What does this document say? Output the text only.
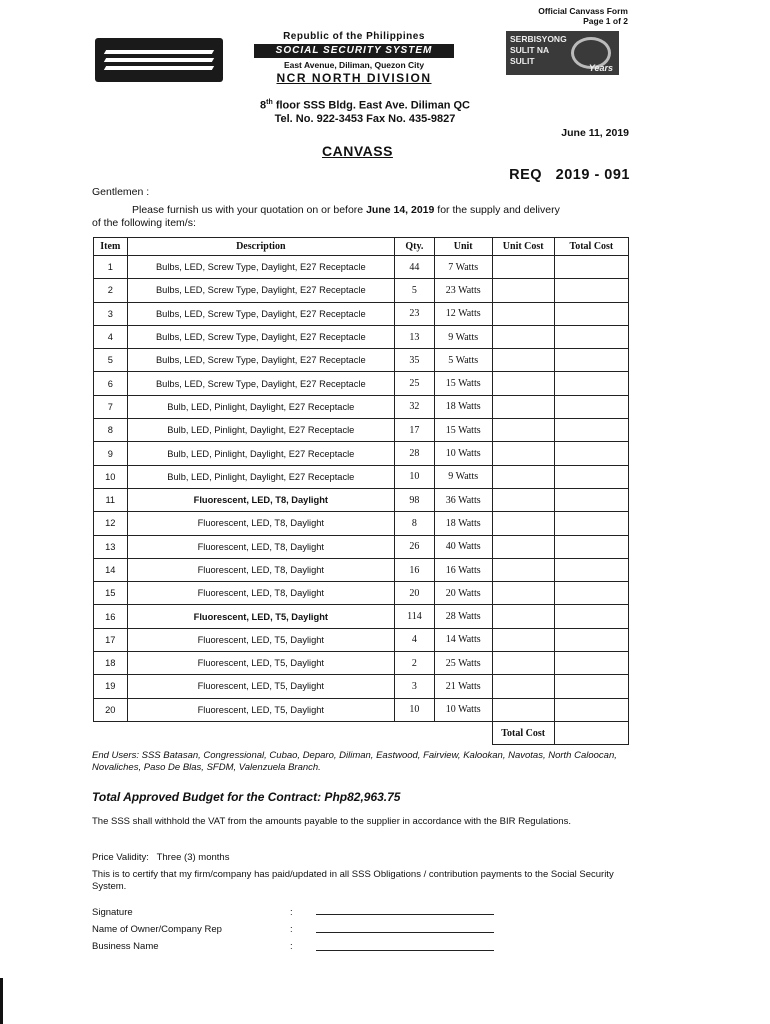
Official Canvass Form
Page 1 of 2
Republic of the Philippines
SOCIAL SECURITY SYSTEM
East Avenue, Diliman, Quezon City
NCR NORTH DIVISION
SERBISYONG
SULIT NA
SULIT
Years
8th floor SSS Bldg. East Ave. Diliman QC
Tel. No. 922-3453 Fax No. 435-9827
June 11, 2019
CANVASS
REQ   2019 - 091
Gentlemen :
Please furnish us with your quotation on or before June 14, 2019 for the supply and delivery
of the following item/s:
Item	Description	Qty.	Unit	Unit Cost	Total Cost
1	Bulbs, LED, Screw Type, Daylight, E27 Receptacle	44	7 Watts		
2	Bulbs, LED, Screw Type, Daylight, E27 Receptacle	5	23 Watts		
3	Bulbs, LED, Screw Type, Daylight, E27 Receptacle	23	12 Watts		
4	Bulbs, LED, Screw Type, Daylight, E27 Receptacle	13	9 Watts		
5	Bulbs, LED, Screw Type, Daylight, E27 Receptacle	35	5 Watts		
6	Bulbs, LED, Screw Type, Daylight, E27 Receptacle	25	15 Watts		
7	Bulb, LED, Pinlight, Daylight, E27 Receptacle	32	18 Watts		
8	Bulb, LED, Pinlight, Daylight, E27 Receptacle	17	15 Watts		
9	Bulb, LED, Pinlight, Daylight, E27 Receptacle	28	10 Watts		
10	Bulb, LED, Pinlight, Daylight, E27 Receptacle	10	9 Watts		
11	Fluorescent, LED, T8, Daylight	98	36 Watts		
12	Fluorescent, LED, T8, Daylight	8	18 Watts		
13	Fluorescent, LED, T8, Daylight	26	40 Watts		
14	Fluorescent, LED, T8, Daylight	16	16 Watts		
15	Fluorescent, LED, T8, Daylight	20	20 Watts		
16	Fluorescent, LED, T5, Daylight	114	28 Watts		
17	Fluorescent, LED, T5, Daylight	4	14 Watts		
18	Fluorescent, LED, T5, Daylight	2	25 Watts		
19	Fluorescent, LED, T5, Daylight	3	21 Watts		
20	Fluorescent, LED, T5, Daylight	10	10 Watts		
				Total Cost	
End Users: SSS Batasan, Congressional, Cubao, Deparo, Diliman, Eastwood, Fairview, Kalookan, Navotas, North Caloocan, Novaliches, Paso De Blas, SFDM, Valenzuela Branch.
Total Approved Budget for the Contract: Php82,963.75
The SSS shall withhold the VAT from the amounts payable to the supplier in accordance with the BIR Regulations.
Price Validity:   Three (3) months
This is to certify that my firm/company has paid/updated in all SSS Obligations / contribution payments to the Social Security System.
Signature	:
Name of Owner/Company Rep	:
Business Name	:
